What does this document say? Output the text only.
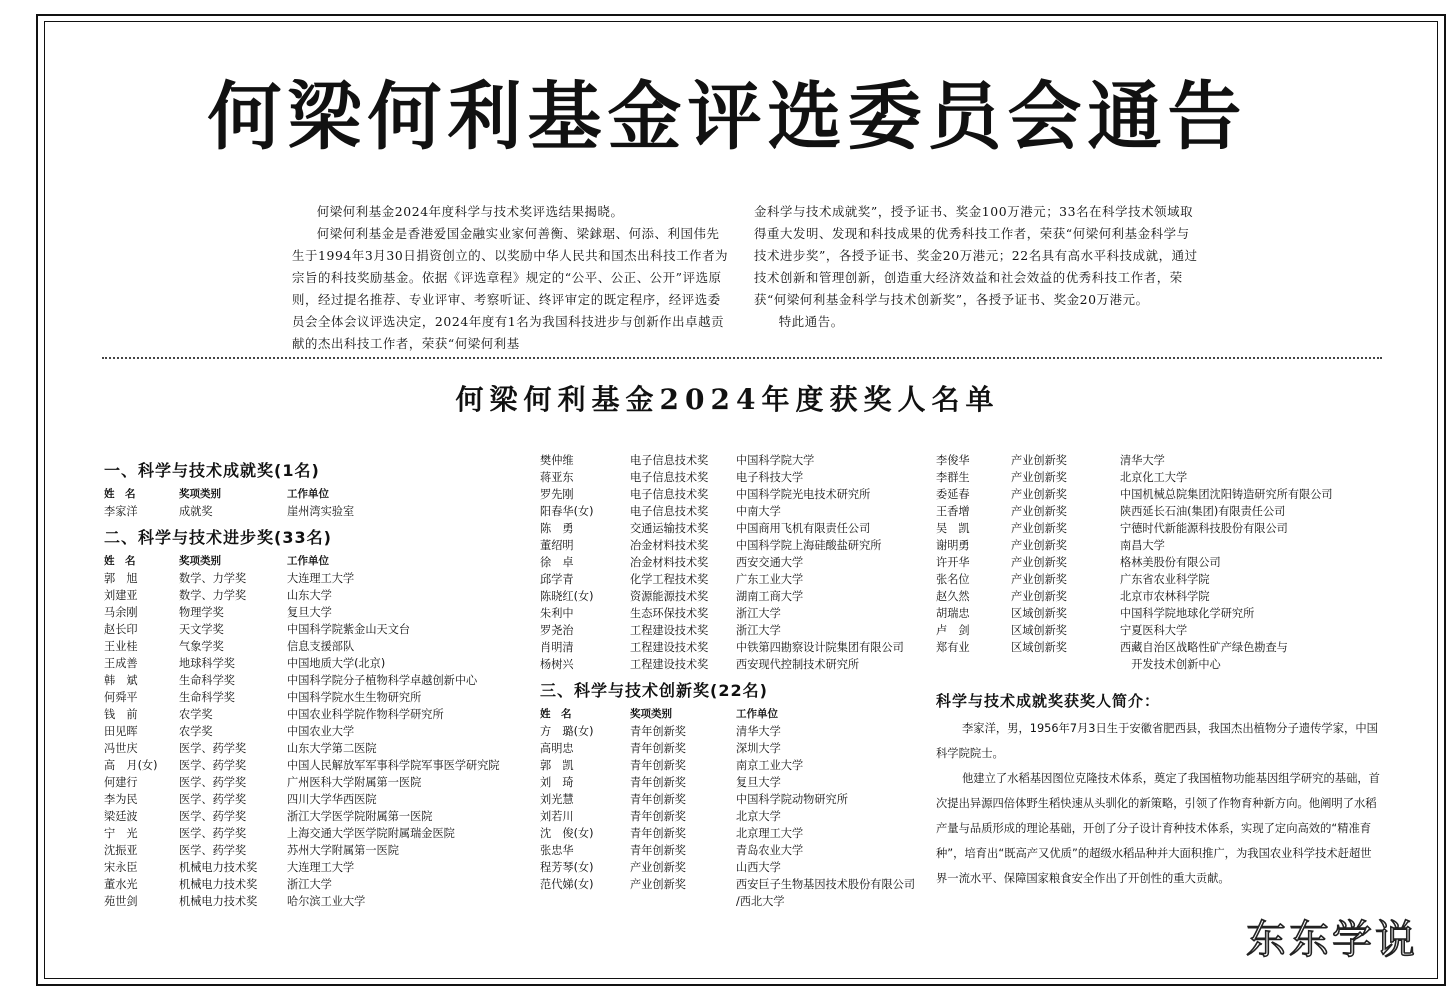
何梁何利基金评选委员会通告

何梁何利基金2024年度科学与技术奖评选结果揭晓。

何梁何利基金是香港爱国金融实业家何善衡、梁銶琚、何添、利国伟先生于1994年3月30日捐资创立的、以奖励中华人民共和国杰出科技工作者为宗旨的科技奖励基金。依据《评选章程》规定的“公平、公正、公开”评选原则，经过提名推荐、专业评审、考察听证、终评审定的既定程序，经评选委员会全体会议评选决定，2024年度有1名为我国科技进步与创新作出卓越贡献的杰出科技工作者，荣获“何梁何利基

金科学与技术成就奖”，授予证书、奖金100万港元；33名在科学技术领域取得重大发明、发现和科技成果的优秀科技工作者，荣获“何梁何利基金科学与技术进步奖”，各授予证书、奖金20万港元；22名具有高水平科技成就，通过技术创新和管理创新，创造重大经济效益和社会效益的优秀科技工作者，荣获“何梁何利基金科学与技术创新奖”，各授予证书、奖金20万港元。

特此通告。

何梁何利基金2024年度获奖人名单
一、科学与技术成就奖(1名)
姓　名	奖项类别	工作单位
李家洋	成就奖	崖州湾实验室
二、科学与技术进步奖(33名)
姓　名	奖项类别	工作单位
郭　旭	数学、力学奖	大连理工大学
刘建亚	数学、力学奖	山东大学
马余刚	物理学奖	复旦大学
赵长印	天文学奖	中国科学院紫金山天文台
王业桂	气象学奖	信息支援部队
王成善	地球科学奖	中国地质大学(北京)
韩　斌	生命科学奖	中国科学院分子植物科学卓越创新中心
何舜平	生命科学奖	中国科学院水生生物研究所
钱　前	农学奖	中国农业科学院作物科学研究所
田见晖	农学奖	中国农业大学
冯世庆	医学、药学奖	山东大学第二医院
高　月(女) 医学、药学奖	中国人民解放军军事科学院军事医学研究院
何建行	医学、药学奖	广州医科大学附属第一医院
李为民	医学、药学奖	四川大学华西医院
梁廷波	医学、药学奖	浙江大学医学院附属第一医院
宁　光	医学、药学奖	上海交通大学医学院附属瑞金医院
沈振亚	医学、药学奖	苏州大学附属第一医院
宋永臣	机械电力技术奖	大连理工大学
董水光	机械电力技术奖	浙江大学
苑世剑	机械电力技术奖	哈尔滨工业大学
樊仲维	电子信息技术奖 中国科学院大学
蒋亚东	电子信息技术奖 电子科技大学
罗先刚	电子信息技术奖 中国科学院光电技术研究所
阳春华(女)	电子信息技术奖 中南大学
陈　勇	交通运输技术奖 中国商用飞机有限责任公司
董绍明	冶金材料技术奖 中国科学院上海硅酸盐研究所
徐　卓	冶金材料技术奖 西安交通大学
邱学青	化学工程技术奖 广东工业大学
陈晓红(女)	资源能源技术奖 湖南工商大学
朱利中	生态环保技术奖 浙江大学
罗尧治	工程建设技术奖 浙江大学
肖明清	工程建设技术奖 中铁第四勘察设计院集团有限公司
杨树兴	工程建设技术奖 西安现代控制技术研究所
三、科学与技术创新奖(22名)
姓　名	奖项类别	工作单位
方　璐(女)	青年创新奖	清华大学
高明忠	青年创新奖	深圳大学
郭　凯	青年创新奖	南京工业大学
刘　琦	青年创新奖	复旦大学
刘光慧	青年创新奖	中国科学院动物研究所
刘若川	青年创新奖	北京大学
沈　俊(女)	青年创新奖	北京理工大学
张忠华	青年创新奖	青岛农业大学
程芳琴(女)	产业创新奖	山西大学
范代娣(女)	产业创新奖	西安巨子生物基因技术股份有限公司
/西北大学
李俊华	产业创新奖	清华大学
李群生	产业创新奖	北京化工大学
委延春	产业创新奖	中国机械总院集团沈阳铸造研究所有限公司
王香增	产业创新奖	陕西延长石油(集团)有限责任公司
吴　凯	产业创新奖	宁德时代新能源科技股份有限公司
谢明勇	产业创新奖	南昌大学
许开华	产业创新奖	格林美股份有限公司
张名位	产业创新奖	广东省农业科学院
赵久然	产业创新奖	北京市农林科学院
胡瑞忠	区域创新奖	中国科学院地球化学研究所
卢　剑	区域创新奖	宁夏医科大学
郑有业	区域创新奖	西藏自治区战略性矿产绿色勘查与
　开发技术创新中心
科学与技术成就奖获奖人简介：

李家洋，男，1956年7月3日生于安徽省肥西县，我国杰出植物分子遗传学家，中国科学院院士。

他建立了水稻基因图位克隆技术体系，奠定了我国植物功能基因组学研究的基础，首次提出异源四倍体野生稻快速从头驯化的新策略，引领了作物育种新方向。他阐明了水稻产量与品质形成的理论基础，开创了分子设计育种技术体系，实现了定向高效的“精准育种”，培育出“既高产又优质”的超级水稻品种并大面积推广，为我国农业科学技术赶超世界一流水平、保障国家粮食安全作出了开创性的重大贡献。

东东学说
